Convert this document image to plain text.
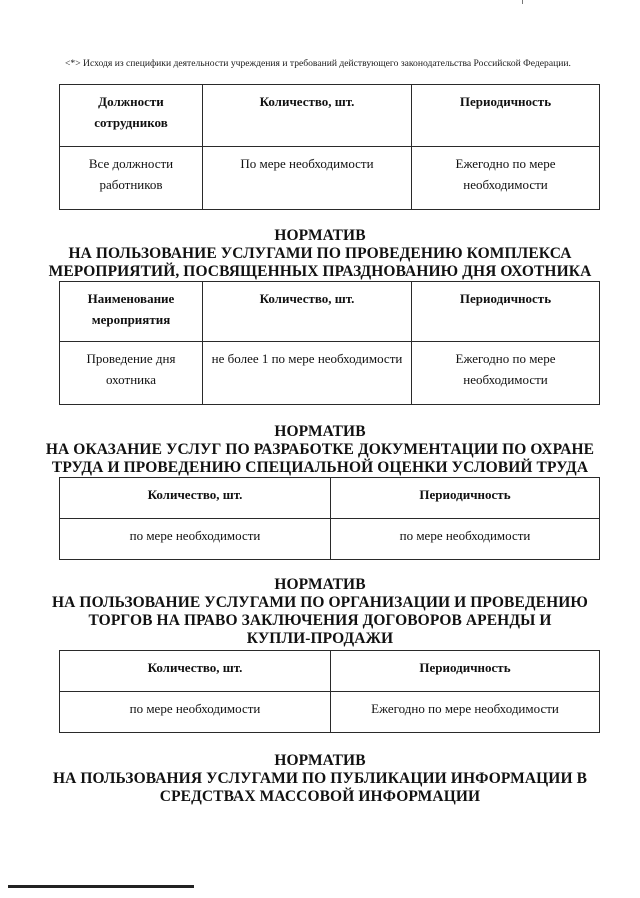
<*> Исходя из специфики деятельности учреждения и требований действующего законодательства Российской Федерации.
Должности сотрудников	Количество, шт.	Периодичность
Все должности работников	По мере необходимости	Ежегодно по мере необходимости
НОРМАТИВ
НА ПОЛЬЗОВАНИЕ УСЛУГАМИ ПО ПРОВЕДЕНИЮ КОМПЛЕКСА
МЕРОПРИЯТИЙ, ПОСВЯЩЕННЫХ ПРАЗДНОВАНИЮ ДНЯ ОХОТНИКА
Наименование мероприятия	Количество, шт.	Периодичность
Проведение дня охотника	не более 1 по мере необходимости	Ежегодно по мере необходимости
НОРМАТИВ
НА ОКАЗАНИЕ УСЛУГ ПО РАЗРАБОТКЕ ДОКУМЕНТАЦИИ ПО ОХРАНЕ
ТРУДА И ПРОВЕДЕНИЮ СПЕЦИАЛЬНОЙ ОЦЕНКИ УСЛОВИЙ ТРУДА
Количество, шт.	Периодичность
по мере необходимости	по мере необходимости
НОРМАТИВ
НА ПОЛЬЗОВАНИЕ УСЛУГАМИ ПО ОРГАНИЗАЦИИ И ПРОВЕДЕНИЮ
ТОРГОВ НА ПРАВО ЗАКЛЮЧЕНИЯ ДОГОВОРОВ АРЕНДЫ И
КУПЛИ-ПРОДАЖИ
Количество, шт.	Периодичность
по мере необходимости	Ежегодно по мере необходимости
НОРМАТИВ
НА ПОЛЬЗОВАНИЯ УСЛУГАМИ ПО ПУБЛИКАЦИИ ИНФОРМАЦИИ В
СРЕДСТВАХ МАССОВОЙ ИНФОРМАЦИИ
